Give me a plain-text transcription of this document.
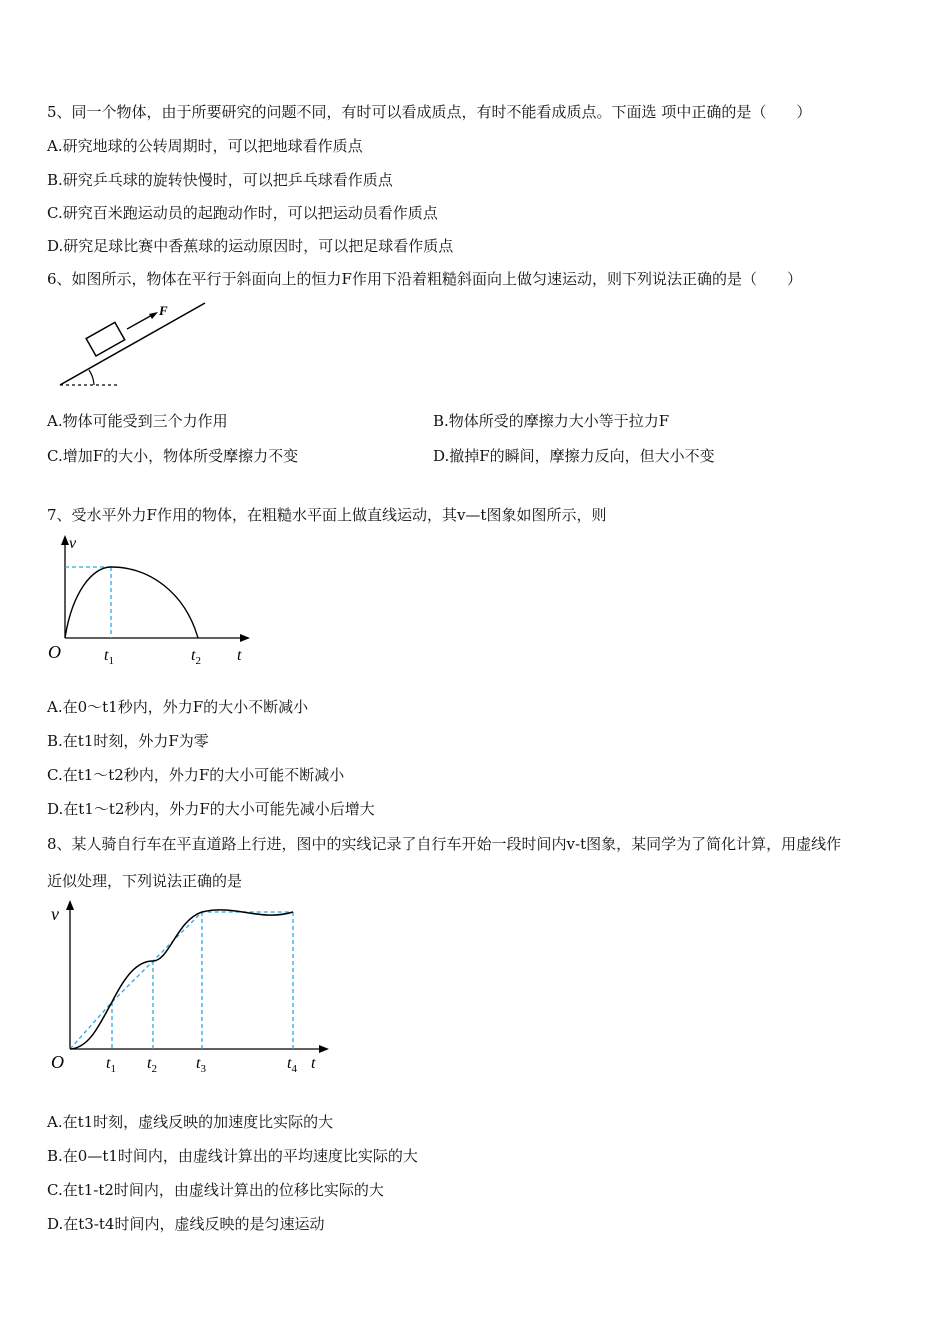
5、同一个物体，由于所要研究的问题不同，有时可以看成质点，有时不能看成质点。下面选 项中正确的是（　　）
A.研究地球的公转周期时，可以把地球看作质点
B.研究乒乓球的旋转快慢时，可以把乒乓球看作质点
C.研究百米跑运动员的起跑动作时，可以把运动员看作质点
D.研究足球比赛中香蕉球的运动原因时，可以把足球看作质点
6、如图所示，物体在平行于斜面向上的恒力F作用下沿着粗糙斜面向上做匀速运动，则下列说法正确的是（　　）
F
A.物体可能受到三个力作用	B.物体所受的摩擦力大小等于拉力F
C.增加F的大小，物体所受摩擦力不变	D.撤掉F的瞬间，摩擦力反向，但大小不变
7、受水平外力F作用的物体，在粗糙水平面上做直线运动，其v—t图象如图所示，则
v
O	$t_1$	$t_2$ t
A.在0～t1秒内，外力F的大小不断减小
B.在t1时刻，外力F为零
C.在t1～t2秒内，外力F的大小可能不断减小
D.在t1～t2秒内，外力F的大小可能先减小后增大
8、某人骑自行车在平直道路上行进，图中的实线记录了自行车开始一段时间内v-t图象，某同学为了简化计算，用虚线作
近似处理，下列说法正确的是
v
O	$t_1$ $t_2$ $t_3$	$t_4$ t
A.在t1时刻，虚线反映的加速度比实际的大
B.在0—t1时间内，由虚线计算出的平均速度比实际的大
C.在t1-t2时间内，由虚线计算出的位移比实际的大
D.在t3-t4时间内，虚线反映的是匀速运动
